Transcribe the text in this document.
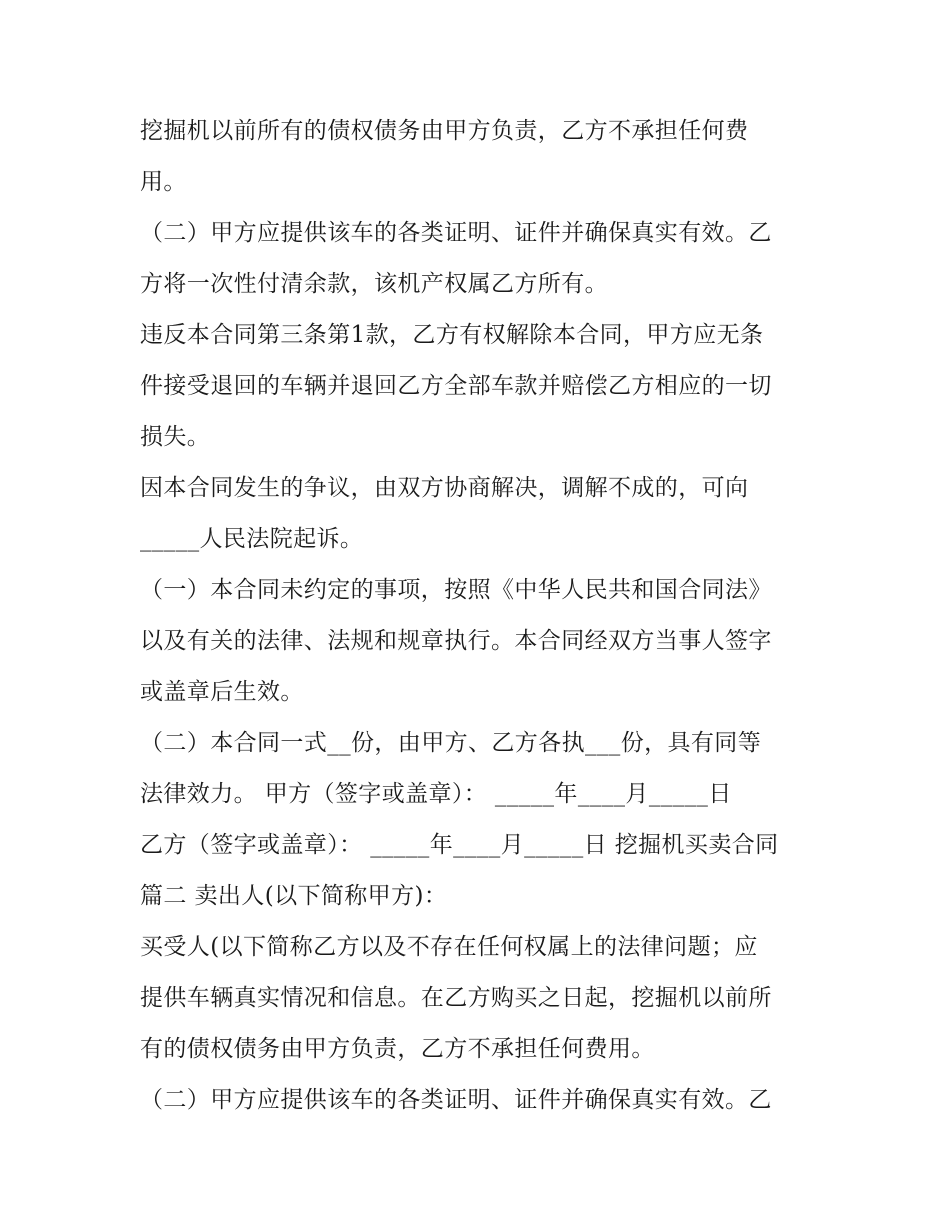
挖掘机以前所有的债权债务由甲方负责，乙方不承担任何费
用。
（二）甲方应提供该车的各类证明、证件并确保真实有效。乙
方将一次性付清余款，该机产权属乙方所有。
违反本合同第三条第1款，乙方有权解除本合同，甲方应无条
件接受退回的车辆并退回乙方全部车款并赔偿乙方相应的一切
损失。
因本合同发生的争议，由双方协商解决，调解不成的，可向
_____人民法院起诉。
（一）本合同未约定的事项，按照《中华人民共和国合同法》
以及有关的法律、法规和规章执行。本合同经双方当事人签字
或盖章后生效。
（二）本合同一式__份，由甲方、乙方各执___份，具有同等
法律效力。 甲方（签字或盖章）： _____年____月_____日
乙方（签字或盖章）： _____年____月_____日 挖掘机买卖合同
篇二 卖出人(以下简称甲方)：
买受人(以下简称乙方以及不存在任何权属上的法律问题；应
提供车辆真实情况和信息。在乙方购买之日起，挖掘机以前所
有的债权债务由甲方负责，乙方不承担任何费用。
（二）甲方应提供该车的各类证明、证件并确保真实有效。乙
